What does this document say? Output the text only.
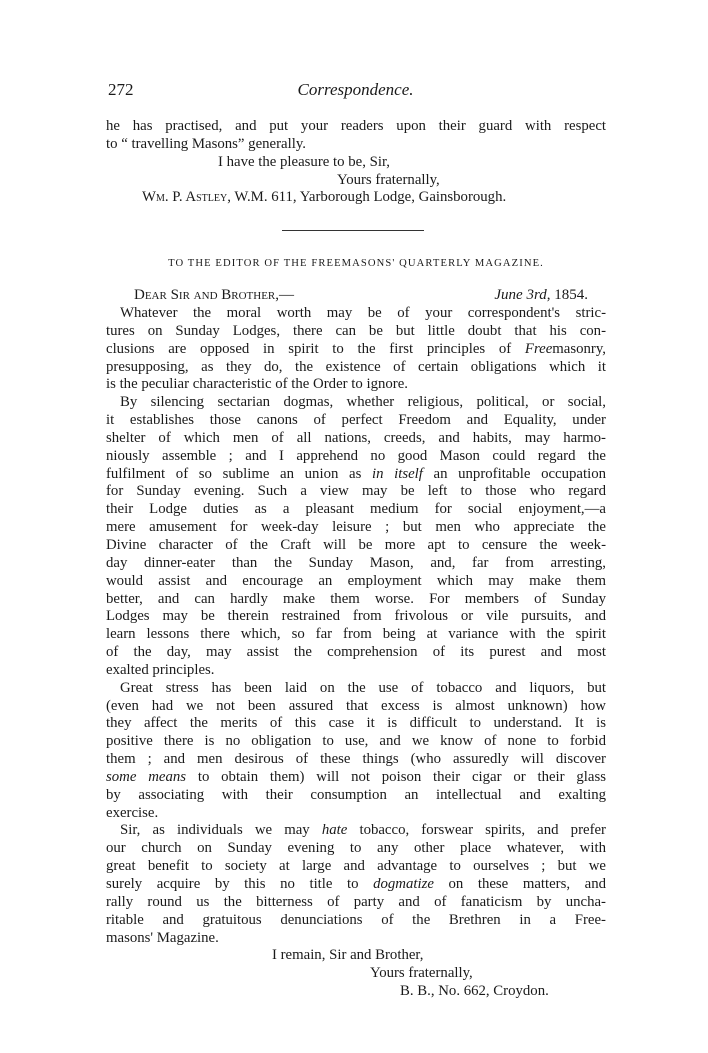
272	Correspondence.
he has practised, and put your readers upon their guard with respect
to “ travelling Masons” generally.
I have the pleasure to be, Sir,
Yours fraternally,
Wm. P. Astley, W.M. 611, Yarborough Lodge, Gainsborough.
TO THE EDITOR OF THE FREEMASONS' QUARTERLY MAGAZINE.
Dear Sir and Brother,—	June 3rd, 1854.
Whatever the moral worth may be of your correspondent's stric-
tures on Sunday Lodges, there can be but little doubt that his con-
clusions are opposed in spirit to the first principles of Freemasonry,
presupposing, as they do, the existence of certain obligations which it
is the peculiar characteristic of the Order to ignore.
By silencing sectarian dogmas, whether religious, political, or social,
it establishes those canons of perfect Freedom and Equality, under
shelter of which men of all nations, creeds, and habits, may harmo-
niously assemble ; and I apprehend no good Mason could regard the
fulfilment of so sublime an union as in itself an unprofitable occupation
for Sunday evening. Such a view may be left to those who regard
their Lodge duties as a pleasant medium for social enjoyment,—a
mere amusement for week-day leisure ; but men who appreciate the
Divine character of the Craft will be more apt to censure the week-
day dinner-eater than the Sunday Mason, and, far from arresting,
would assist and encourage an employment which may make them
better, and can hardly make them worse. For members of Sunday
Lodges may be therein restrained from frivolous or vile pursuits, and
learn lessons there which, so far from being at variance with the spirit
of the day, may assist the comprehension of its purest and most
exalted principles.
Great stress has been laid on the use of tobacco and liquors, but
(even had we not been assured that excess is almost unknown) how
they affect the merits of this case it is difficult to understand. It is
positive there is no obligation to use, and we know of none to forbid
them ; and men desirous of these things (who assuredly will discover
some means to obtain them) will not poison their cigar or their glass
by associating with their consumption an intellectual and exalting
exercise.
Sir, as individuals we may hate tobacco, forswear spirits, and prefer
our church on Sunday evening to any other place whatever, with
great benefit to society at large and advantage to ourselves ; but we
surely acquire by this no title to dogmatize on these matters, and
rally round us the bitterness of party and of fanaticism by uncha-
ritable and gratuitous denunciations of the Brethren in a Free-
masons' Magazine.
I remain, Sir and Brother,
Yours fraternally,
B. B., No. 662, Croydon.
